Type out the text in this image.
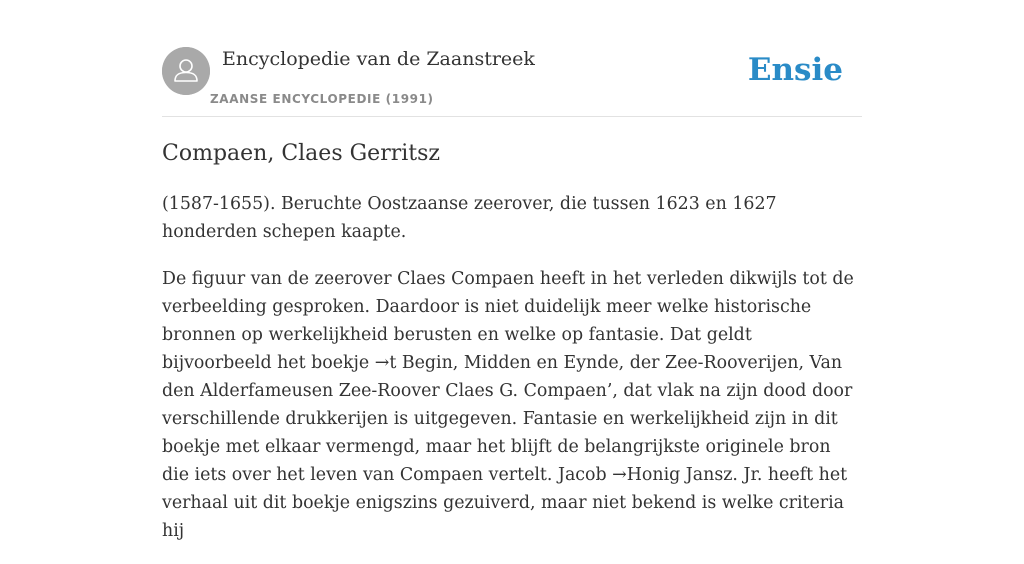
Encyclopedie van de Zaanstreek
ZAANSE ENCYCLOPEDIE (1991)
Ensie
Compaen, Claes Gerritsz

(1587-1655). Beruchte Oostzaanse zeerover, die tussen 1623 en 1627 honderden schepen kaapte.

De figuur van de zeerover Claes Compaen heeft in het verleden dikwijls tot de verbeelding gesproken. Daardoor is niet duidelijk meer welke historische bronnen op werkelijkheid berusten en welke op fantasie. Dat geldt bijvoorbeeld het boekje →t Begin, Midden en Eynde, der Zee-Rooverijen, Van den Alderfameusen Zee-Roover Claes G. Compaen’, dat vlak na zijn dood door verschillende drukkerijen is uitgegeven. Fantasie en werkelijkheid zijn in dit boekje met elkaar vermengd, maar het blijft de belangrijkste originele bron die iets over het leven van Compaen vertelt. Jacob →Honig Jansz. Jr. heeft het verhaal uit dit boekje enigszins gezuiverd, maar niet bekend is welke criteria hij
